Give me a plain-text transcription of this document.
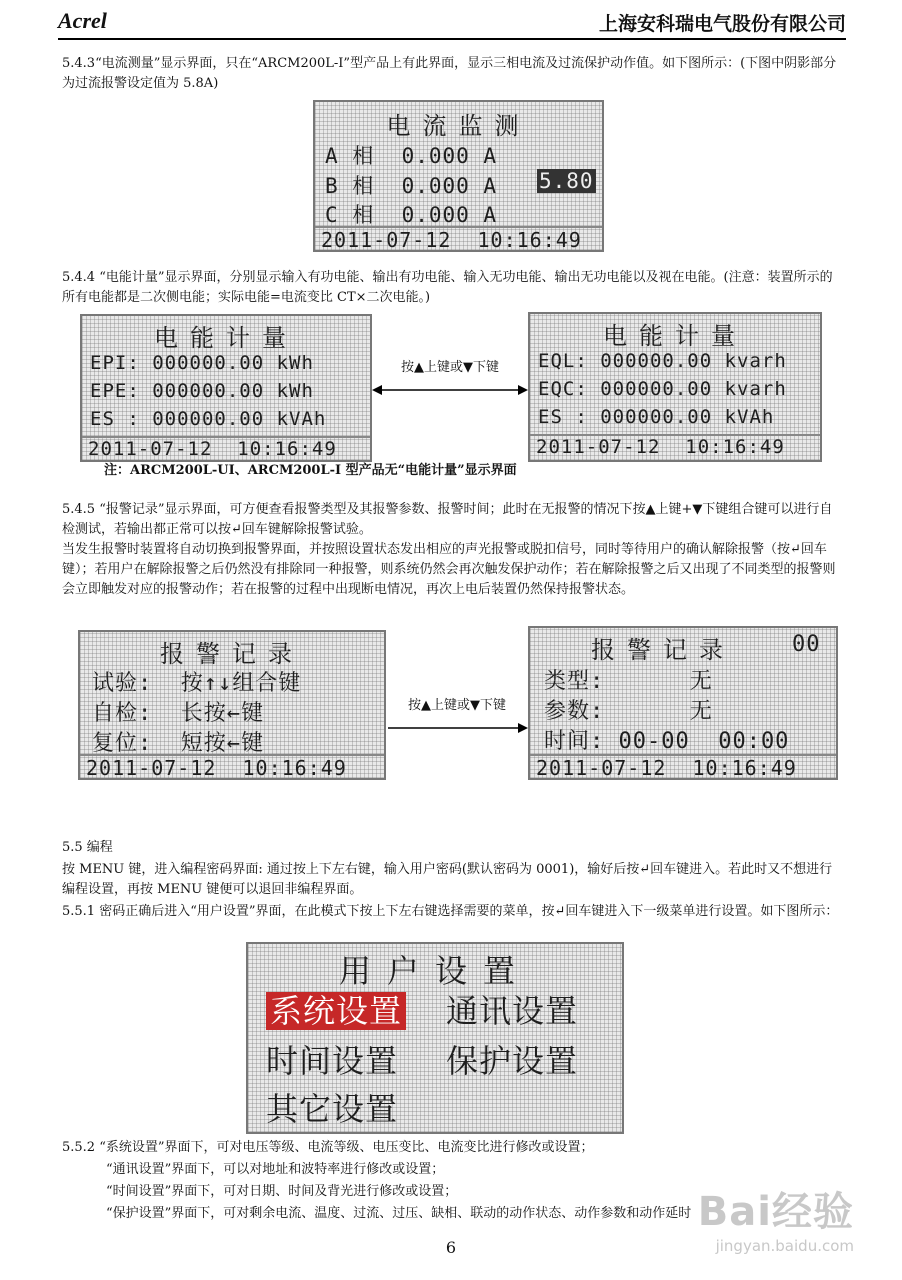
Acrel	上海安科瑞电气股份有限公司

5.4.3“电流测量”显示界面，只在“ARCM200L-I”型产品上有此界面，显示三相电流及过流保护动作值。如下图所示：(下图中阴影部分为过流报警设定值为 5.8A)

电流监测
A 相  0.000 A
B 相  0.000 A	5.80
C 相  0.000 A
2011-07-12  10:16:49

5.4.4 “电能计量”显示界面，分别显示输入有功电能、输出有功电能、输入无功电能、输出无功电能以及视在电能。(注意：装置所示的所有电能都是二次侧电能；实际电能=电流变比 CT×二次电能。)

电能计量
EPI: 000000.00 kWh
EPE: 000000.00 kWh
ES : 000000.00 kVAh
2011-07-12  10:16:49
按▲上键或▼下键
电能计量
EQL: 000000.00 kvarh
EQC: 000000.00 kvarh
ES : 000000.00 kVAh
2011-07-12  10:16:49

注：ARCM200L-UI、ARCM200L-I 型产品无“电能计量”显示界面

5.4.5 “报警记录”显示界面，可方便查看报警类型及其报警参数、报警时间；此时在无报警的情况下按▲上键+▼下键组合键可以进行自检测试，若输出都正常可以按↵回车键解除报警试验。

当发生报警时装置将自动切换到报警界面，并按照设置状态发出相应的声光报警或脱扣信号，同时等待用户的确认解除报警（按↵回车键）；若用户在解除报警之后仍然没有排除同一种报警，则系统仍然会再次触发保护动作；若在解除报警之后又出现了不同类型的报警则会立即触发对应的报警动作；若在报警的过程中出现断电情况，再次上电后装置仍然保持报警状态。

报警记录
试验:  按↑↓组合键
自检:  长按←键
复位:  短按←键
2011-07-12  10:16:49
按▲上键或▼下键
报警记录	00
类型:      无
参数:      无
时间: 00-00  00:00
2011-07-12  10:16:49

5.5 编程

按 MENU 键，进入编程密码界面: 通过按上下左右键，输入用户密码(默认密码为 0001)，输好后按↵回车键进入。若此时又不想进行编程设置，再按 MENU 键便可以退回非编程界面。

5.5.1 密码正确后进入“用户设置”界面，在此模式下按上下左右键选择需要的菜单，按↵回车键进入下一级菜单进行设置。如下图所示：

用户设置
系统设置	通讯设置
时间设置	保护设置
其它设置

5.5.2 “系统设置”界面下，可对电压等级、电流等级、电压变比、电流变比进行修改或设置；

“通讯设置”界面下，可以对地址和波特率进行修改或设置；

“时间设置”界面下，可对日期、时间及背光进行修改或设置；

“保护设置”界面下，可对剩余电流、温度、过流、过压、缺相、联动的动作状态、动作参数和动作延时 Bai经验
jingyan.baidu.com
6
